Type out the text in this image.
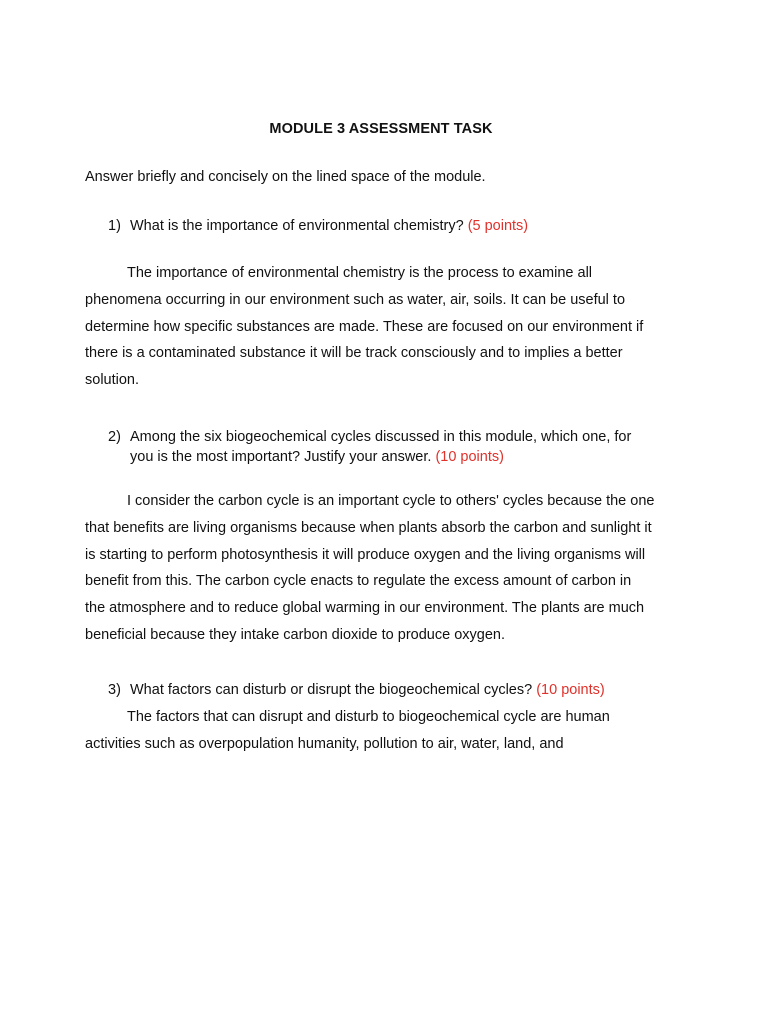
MODULE 3 ASSESSMENT TASK
Answer briefly and concisely on the lined space of the module.
1) What is the importance of environmental chemistry? (5 points)
The importance of environmental chemistry is the process to examine all
phenomena occurring in our environment such as water, air, soils. It can be useful to
determine how specific substances are made. These are focused on our environment if
there is a contaminated substance it will be track consciously and to implies a better
solution.
2) Among the six biogeochemical cycles discussed in this module, which one, for
you is the most important? Justify your answer. (10 points)
I consider the carbon cycle is an important cycle to others' cycles because the one
that benefits are living organisms because when plants absorb the carbon and sunlight it
is starting to perform photosynthesis it will produce oxygen and the living organisms will
benefit from this. The carbon cycle enacts to regulate the excess amount of carbon in
the atmosphere and to reduce global warming in our environment. The plants are much
beneficial because they intake carbon dioxide to produce oxygen.
3) What factors can disturb or disrupt the biogeochemical cycles? (10 points)
The factors that can disrupt and disturb to biogeochemical cycle are human
activities such as overpopulation humanity, pollution to air, water, land, and
